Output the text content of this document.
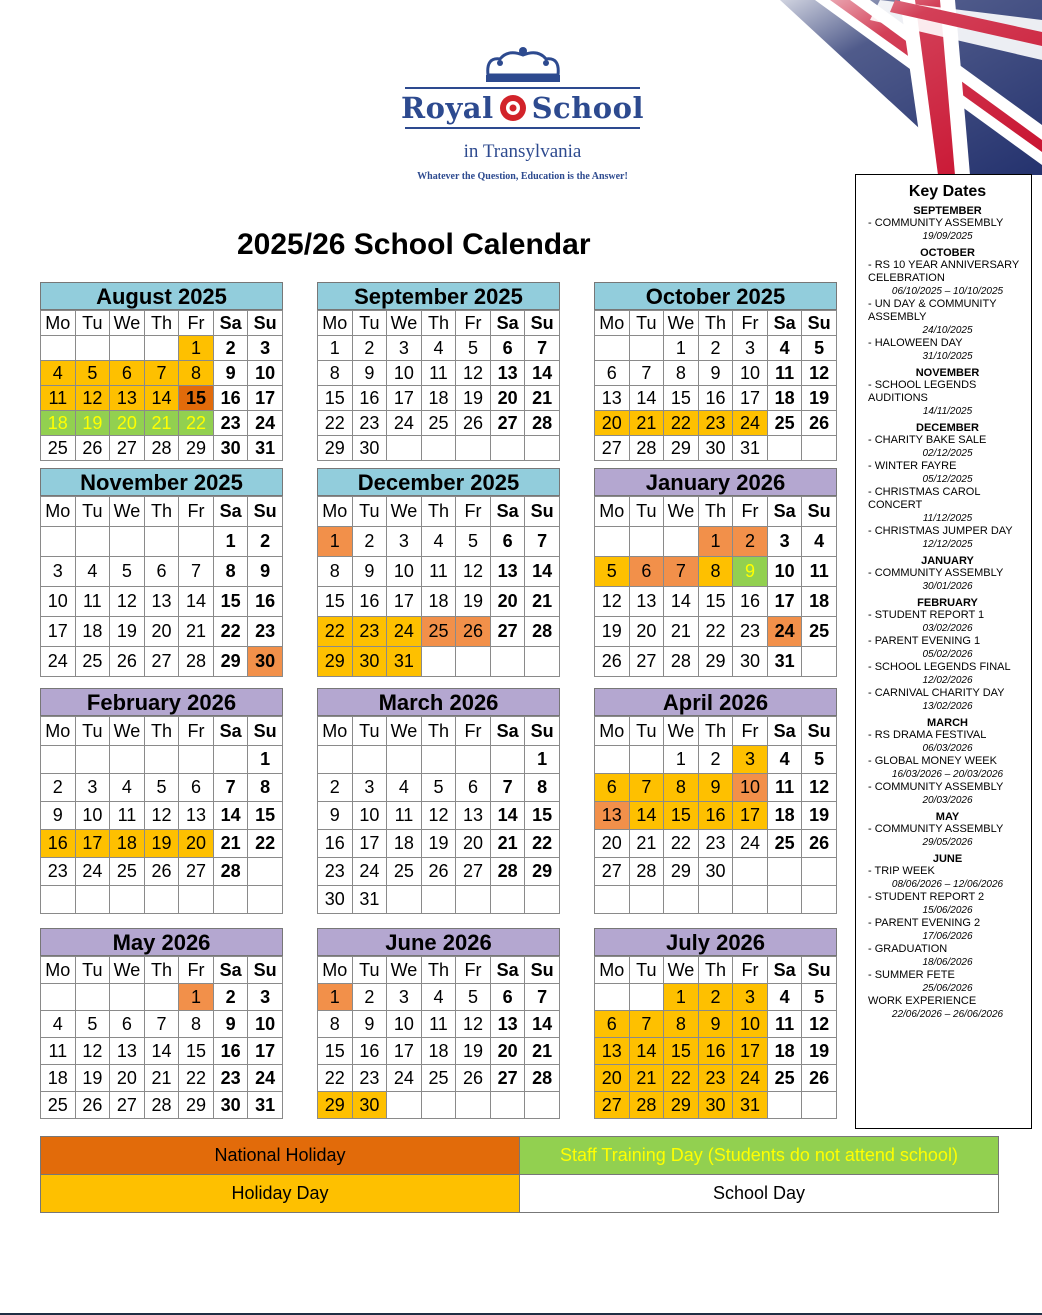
Royal School
in Transylvania
Whatever the Question, Education is the Answer!
2025/26 School Calendar
August 2025
Mo	Tu	We	Th	Fr	Sa	Su
				1	2	3
4	5	6	7	8	9	10
11	12	13	14	15	16	17
18	19	20	21	22	23	24
25	26	27	28	29	30	31
September 2025
Mo	Tu	We	Th	Fr	Sa	Su
1	2	3	4	5	6	7
8	9	10	11	12	13	14
15	16	17	18	19	20	21
22	23	24	25	26	27	28
29	30					
October 2025
Mo	Tu	We	Th	Fr	Sa	Su
		1	2	3	4	5
6	7	8	9	10	11	12
13	14	15	16	17	18	19
20	21	22	23	24	25	26
27	28	29	30	31		
November 2025
Mo	Tu	We	Th	Fr	Sa	Su
					1	2
3	4	5	6	7	8	9
10	11	12	13	14	15	16
17	18	19	20	21	22	23
24	25	26	27	28	29	30
December 2025
Mo	Tu	We	Th	Fr	Sa	Su
1	2	3	4	5	6	7
8	9	10	11	12	13	14
15	16	17	18	19	20	21
22	23	24	25	26	27	28
29	30	31				
January 2026
Mo	Tu	We	Th	Fr	Sa	Su
			1	2	3	4
5	6	7	8	9	10	11
12	13	14	15	16	17	18
19	20	21	22	23	24	25
26	27	28	29	30	31	
February 2026
Mo	Tu	We	Th	Fr	Sa	Su
						1
2	3	4	5	6	7	8
9	10	11	12	13	14	15
16	17	18	19	20	21	22
23	24	25	26	27	28	

March 2026
Mo	Tu	We	Th	Fr	Sa	Su
						1
2	3	4	5	6	7	8
9	10	11	12	13	14	15
16	17	18	19	20	21	22
23	24	25	26	27	28	29
30	31					
April 2026
Mo	Tu	We	Th	Fr	Sa	Su
		1	2	3	4	5
6	7	8	9	10	11	12
13	14	15	16	17	18	19
20	21	22	23	24	25	26
27	28	29	30			

May 2026
Mo	Tu	We	Th	Fr	Sa	Su
				1	2	3
4	5	6	7	8	9	10
11	12	13	14	15	16	17
18	19	20	21	22	23	24
25	26	27	28	29	30	31
June 2026
Mo	Tu	We	Th	Fr	Sa	Su
1	2	3	4	5	6	7
8	9	10	11	12	13	14
15	16	17	18	19	20	21
22	23	24	25	26	27	28
29	30					
July 2026
Mo	Tu	We	Th	Fr	Sa	Su
		1	2	3	4	5
6	7	8	9	10	11	12
13	14	15	16	17	18	19
20	21	22	23	24	25	26
27	28	29	30	31		
Key Dates
SEPTEMBER
- COMMUNITY ASSEMBLY
19/09/2025
OCTOBER
- RS 10 YEAR ANNIVERSARY CELEBRATION
06/10/2025 – 10/10/2025
- UN DAY & COMMUNITY ASSEMBLY
24/10/2025
- HALOWEEN DAY
31/10/2025
NOVEMBER
- SCHOOL LEGENDS AUDITIONS
14/11/2025
DECEMBER
- CHARITY BAKE SALE
02/12/2025
- WINTER FAYRE
05/12/2025
- CHRISTMAS CAROL CONCERT
11/12/2025
- CHRISTMAS JUMPER DAY
12/12/2025
JANUARY
- COMMUNITY ASSEMBLY
30/01/2026
FEBRUARY
- STUDENT REPORT 1
03/02/2026
- PARENT EVENING 1
05/02/2026
- SCHOOL LEGENDS FINAL
12/02/2026
- CARNIVAL CHARITY DAY
13/02/2026
MARCH
- RS DRAMA FESTIVAL
06/03/2026
- GLOBAL MONEY WEEK
16/03/2026 – 20/03/2026
- COMMUNITY ASSEMBLY
20/03/2026
MAY
- COMMUNITY ASSEMBLY
29/05/2026
JUNE
- TRIP WEEK
08/06/2026 – 12/06/2026
- STUDENT REPORT 2
15/06/2026
- PARENT EVENING 2
17/06/2026
- GRADUATION
18/06/2026
- SUMMER FETE
25/06/2026
WORK EXPERIENCE
22/06/2026 – 26/06/2026
National Holiday	Staff Training Day (Students do not attend school)
Holiday Day	School Day
